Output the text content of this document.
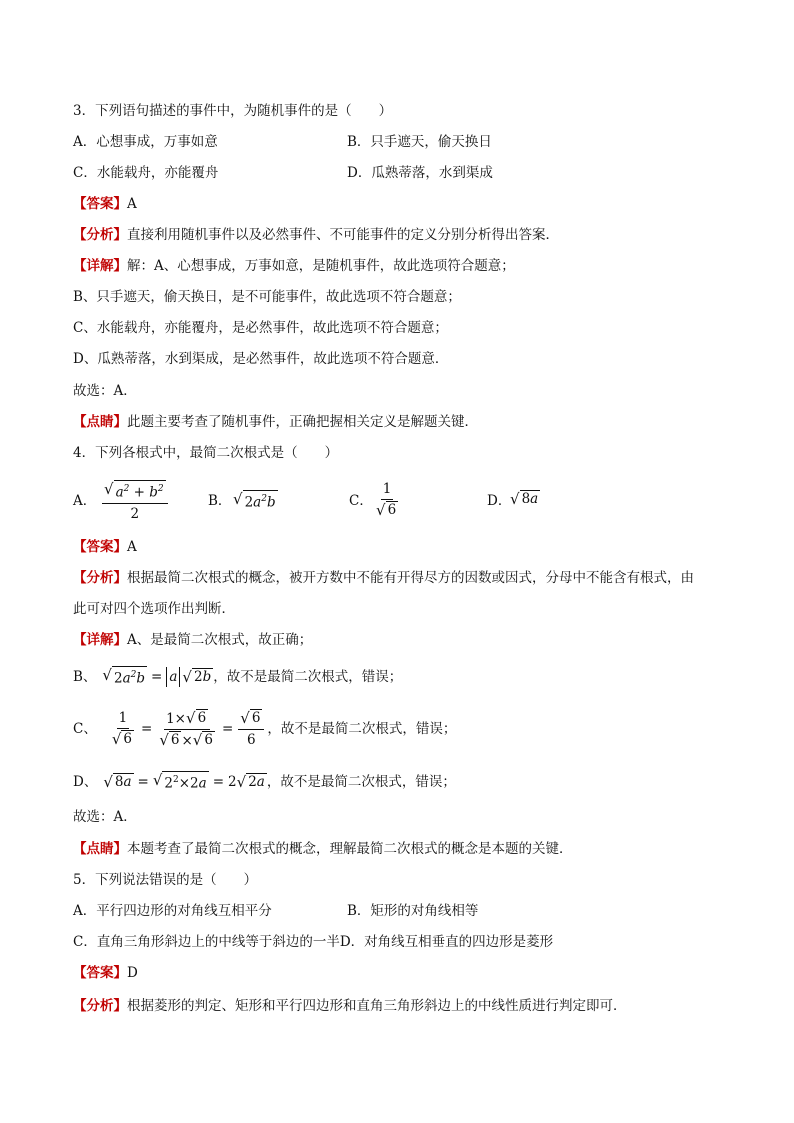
3．下列语句描述的事件中，为随机事件的是（　　）
A．心想事成，万事如意	B．只手遮天，偷天换日
C．水能载舟，亦能覆舟	D．瓜熟蒂落，水到渠成
【答案】A
【分析】直接利用随机事件以及必然事件、不可能事件的定义分别分析得出答案．
【详解】解：A、心想事成，万事如意，是随机事件，故此选项符合题意；
B、只手遮天，偷天换日，是不可能事件，故此选项不符合题意；
C、水能载舟，亦能覆舟，是必然事件，故此选项不符合题意；
D、瓜熟蒂落，水到渠成，是必然事件，故此选项不符合题意．
故选：A．
【点睛】此题主要考查了随机事件，正确把握相关定义是解题关键．
4．下列各根式中，最简二次根式是（　　）
A． $\frac{√ a^2 + b^2}{2}$	B． √ $2a^2b$	C． $\frac{1}{√ 6}$	D．
√ 8a
【答案】A
【分析】根据最简二次根式的概念，被开方数中不能有开得尽方的因数或因式，分母中不能含有根式，由
此可对四个选项作出判断．
【详解】A、是最简二次根式，故正确；
B、 √ $2a^2b = a$ √ 2b ，故不是最简二次根式，错误；
C、 $\frac{1}{√ 6} = \frac{1\times √ 6}{√ 6 \times √ 6} = \frac{√ 6}{6}$ ，故不是最简二次根式，错误；
D、 √ 8a = √ $2^2\times 2a = 2$ √ 2a ，故不是最简二次根式，错误；
故选：A．
【点睛】本题考查了最简二次根式的概念，理解最简二次根式的概念是本题的关键．
5．下列说法错误的是（　　）
A．平行四边形的对角线互相平分	B．矩形的对角线相等
C．直角三角形斜边上的中线等于斜边的一半D．对角线互相垂直的四边形是菱形
【答案】D
【分析】根据菱形的判定、矩形和平行四边形和直角三角形斜边上的中线性质进行判定即可．
